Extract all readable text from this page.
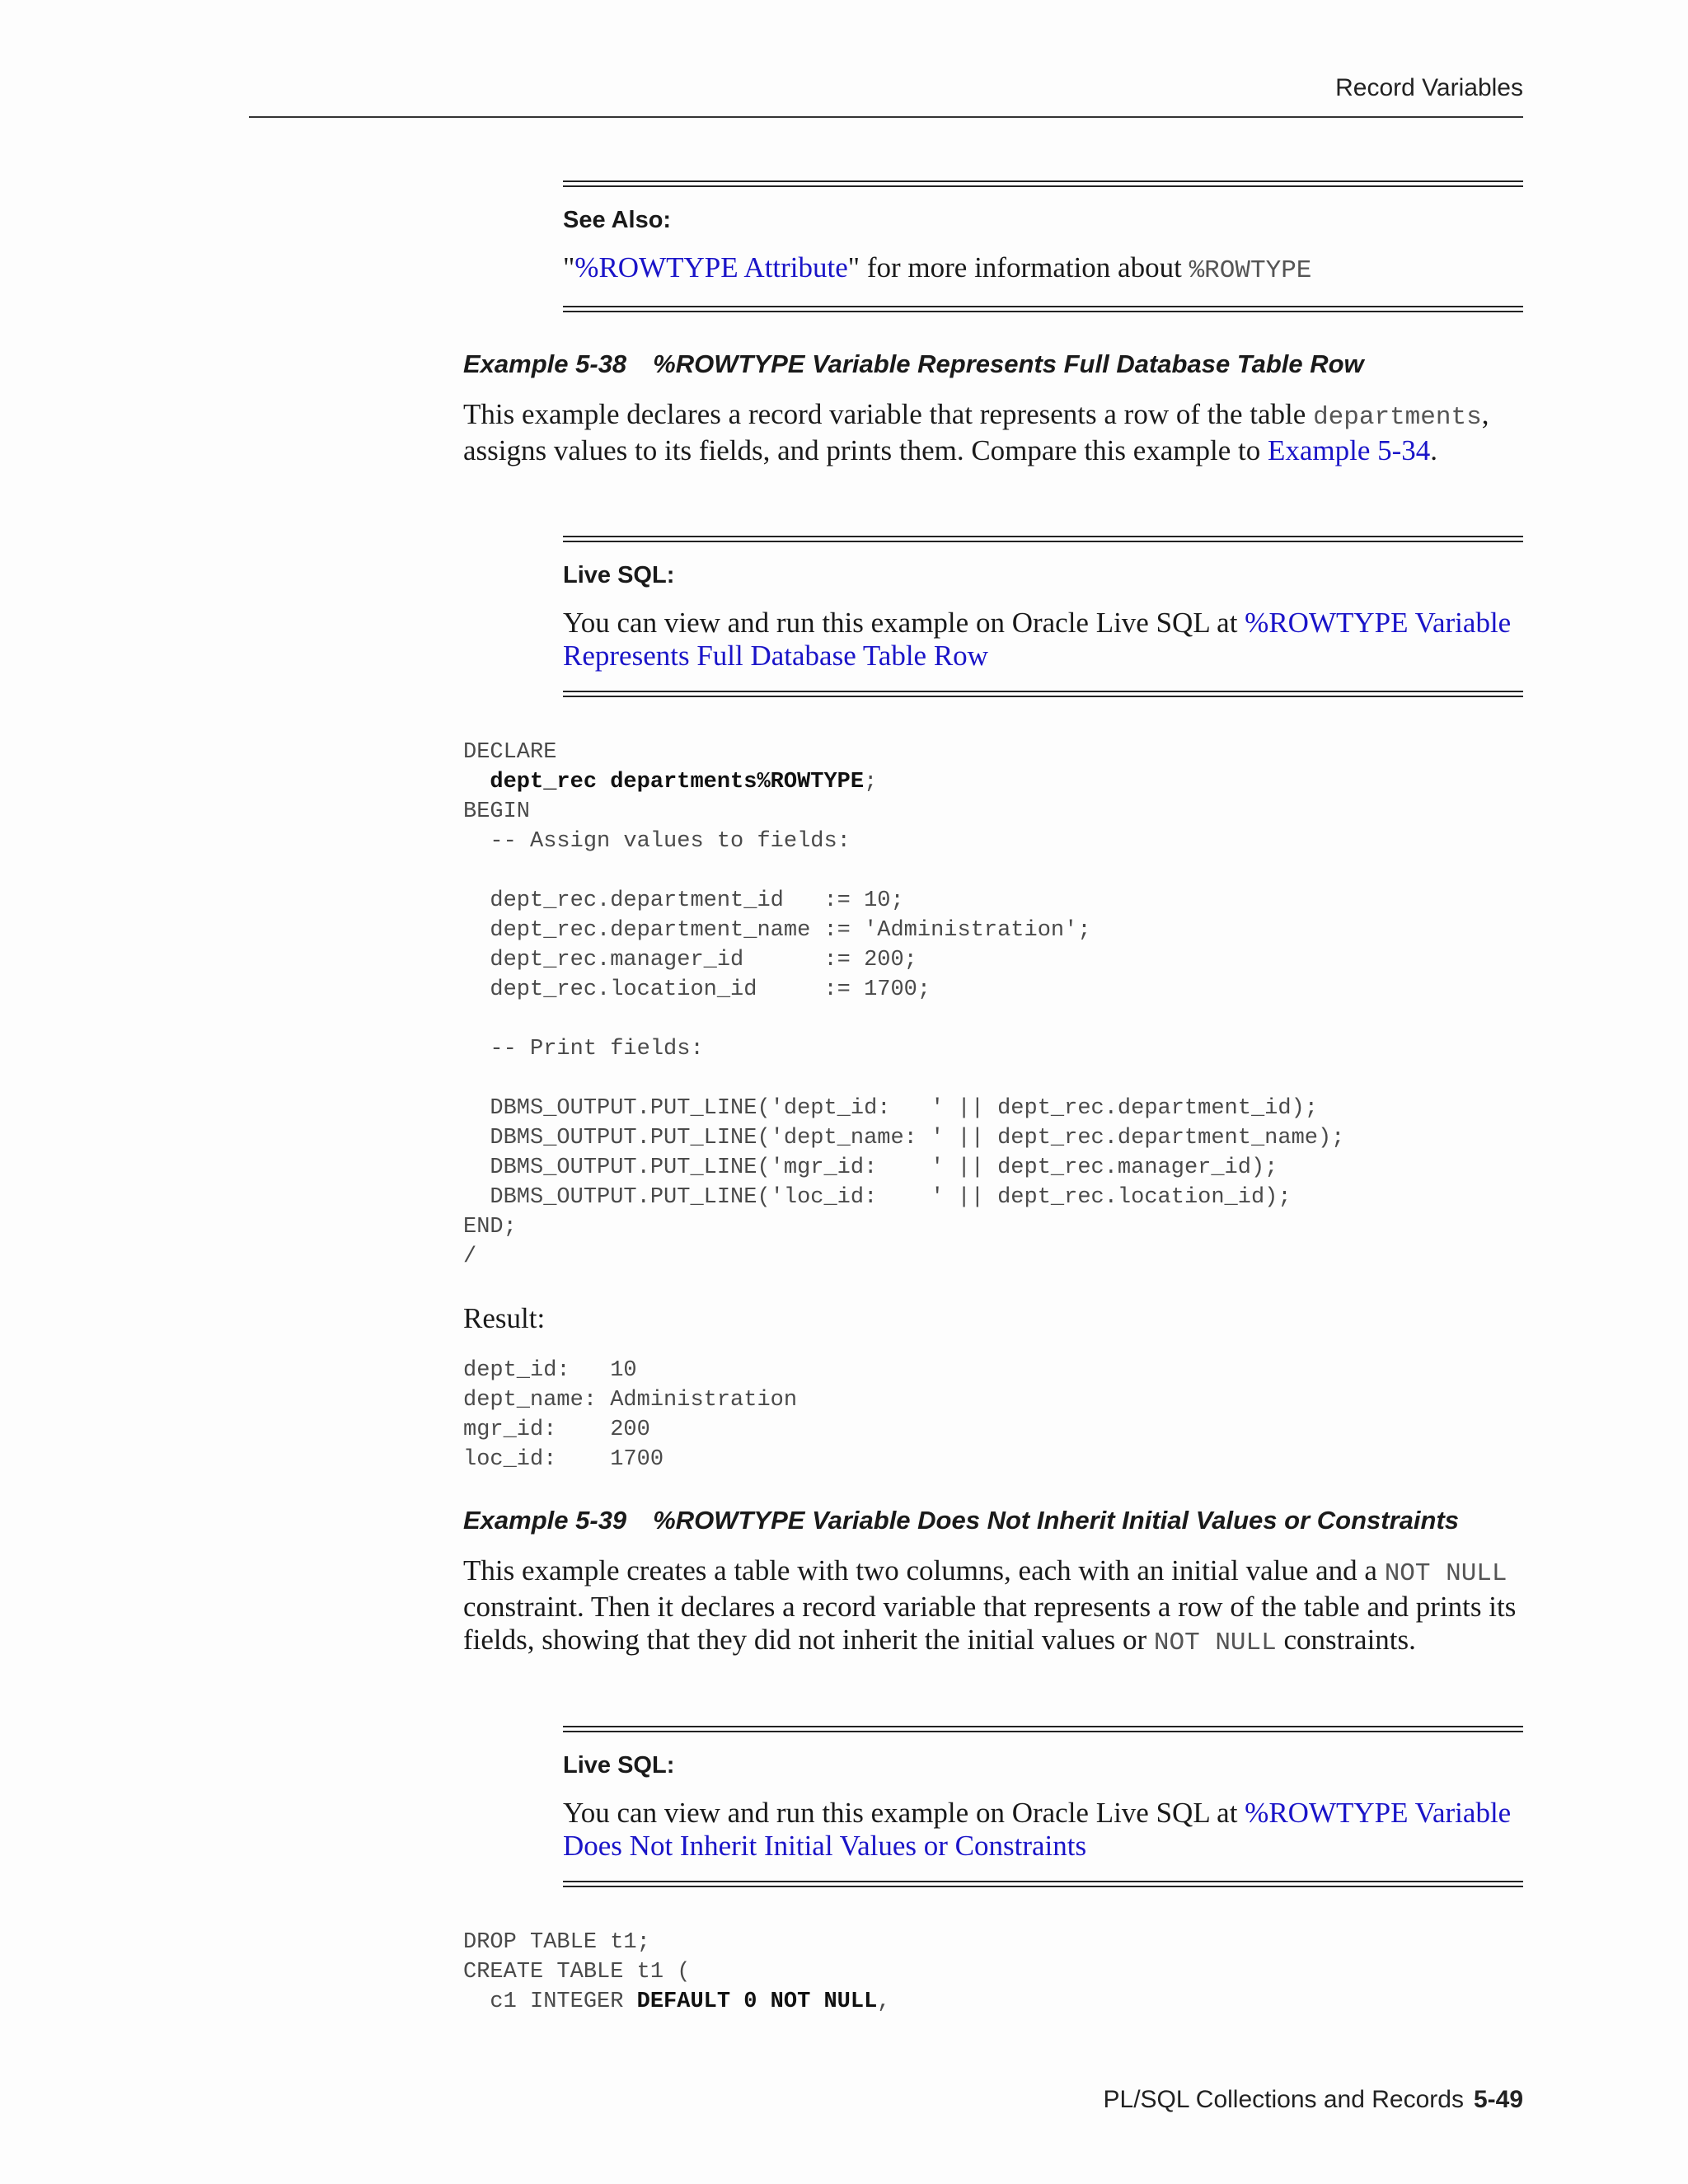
Record Variables
See Also:
"%ROWTYPE Attribute" for more information about %ROWTYPE
Example 5-38 %ROWTYPE Variable Represents Full Database Table Row
This example declares a record variable that represents a row of the table departments, assigns values to its fields, and prints them. Compare this example to Example 5-34.
Live SQL:
You can view and run this example on Oracle Live SQL at %ROWTYPE Variable Represents Full Database Table Row
DECLARE
dept_rec departments%ROWTYPE;
BEGIN
-- Assign values to fields:

dept_rec.department_id   := 10;
dept_rec.department_name := 'Administration';
dept_rec.manager_id      := 200;
dept_rec.location_id     := 1700;

-- Print fields:

DBMS_OUTPUT.PUT_LINE('dept_id:   ' || dept_rec.department_id);
DBMS_OUTPUT.PUT_LINE('dept_name: ' || dept_rec.department_name);
DBMS_OUTPUT.PUT_LINE('mgr_id:    ' || dept_rec.manager_id);
DBMS_OUTPUT.PUT_LINE('loc_id:    ' || dept_rec.location_id);
END;
/
Result:
dept_id:   10
dept_name: Administration
mgr_id:    200
loc_id:    1700
Example 5-39 %ROWTYPE Variable Does Not Inherit Initial Values or Constraints
This example creates a table with two columns, each with an initial value and a NOT NULL constraint. Then it declares a record variable that represents a row of the table and prints its fields, showing that they did not inherit the initial values or NOT NULL constraints.
Live SQL:
You can view and run this example on Oracle Live SQL at %ROWTYPE Variable Does Not Inherit Initial Values or Constraints
DROP TABLE t1;
CREATE TABLE t1 (
c1 INTEGER DEFAULT 0 NOT NULL,
PL/SQL Collections and Records 5-49
